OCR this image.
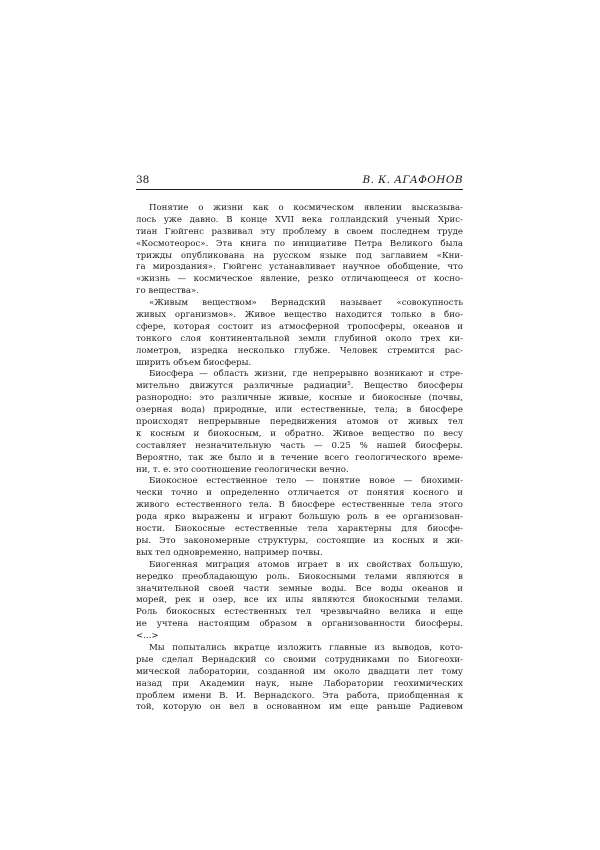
38	В. К. АГАФОНОВ
Понятие о жизни как о космическом явлении высказыва-
лось уже давно. В конце XVII века голландский ученый Хрис-
тиан Гюйгенс развивал эту проблему в своем последнем труде
«Космотеорос». Эта книга по инициативе Петра Великого была
трижды опубликована на русском языке под заглавием «Кни-
га мироздания». Гюйгенс устанавливает научное обобщение, что
«жизнь — космическое явление, резко отличающееся от косно-
го вещества».
«Живым веществом» Вернадский называет «совокупность
живых организмов». Живое вещество находится только в био-
сфере, которая состоит из атмосферной тропосферы, океанов и
тонкого слоя континентальной земли глубиной около трех ки-
лометров, изредка несколько глубже. Человек стремится рас-
ширить объем биосферы.
Биосфера — область жизни, где непрерывно возникают и стре-
мительно движутся различные радиации$^5$. Вещество биосферы
разнородно: это различные живые, косные и биокосные (почвы,
озерная вода) природные, или естественные, тела; в биосфере
происходят непрерывные передвижения атомов от живых тел
к косным и биокосным, и обратно. Живое вещество по весу
составляет незначительную часть — 0.25 % нашей биосферы.
Вероятно, так же было и в течение всего геологического време-
ни, т. е. это соотношение геологически вечно.
Биокосное естественное тело — понятие новое — биохими-
чески точно и определенно отличается от понятия косного и
живого естественного тела. В биосфере естественные тела этого
рода ярко выражены и играют большую роль в ее организован-
ности. Биокосные естественные тела характерны для биосфе-
ры. Это закономерные структуры, состоящие из косных и жи-
вых тел одновременно, например почвы.
Биогенная миграция атомов играет в их свойствах большую,
нередко преобладающую роль. Биокосными телами являются в
значительной своей части земные воды. Все воды океанов и
морей, рек и озер, все их илы являются биокосными телами.
Роль биокосных естественных тел чрезвычайно велика и еще
не учтена настоящим образом в организованности биосферы.
<...>
Мы попытались вкратце изложить главные из выводов, кото-
рые сделал Вернадский со своими сотрудниками по Биогеохи-
мической лаборатории, созданной им около двадцати лет тому
назад при Академии наук, ныне Лаборатории геохимических
проблем имени В. И. Вернадского. Эта работа, приобщенная к
той, которую он вел в основанном им еще раньше Радиевом
